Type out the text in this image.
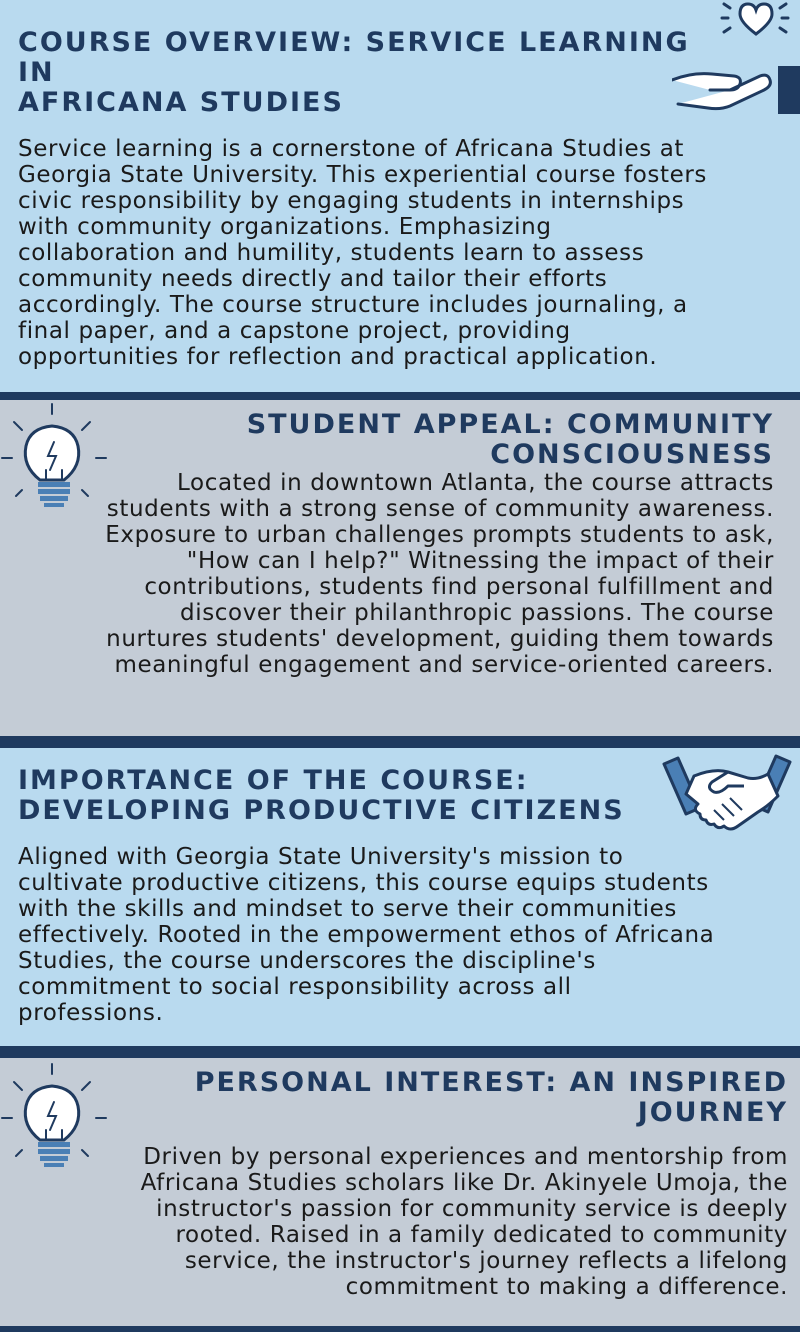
COURSE OVERVIEW: SERVICE LEARNING IN
AFRICANA STUDIES

Service learning is a cornerstone of Africana Studies at Georgia State University. This experiential course fosters civic responsibility by engaging students in internships with community organizations. Emphasizing collaboration and humility, students learn to assess community needs directly and tailor their efforts accordingly. The course structure includes journaling, a final paper, and a capstone project, providing opportunities for reflection and practical application.

STUDENT APPEAL: COMMUNITY
CONSCIOUSNESS

Located in downtown Atlanta, the course attracts students with a strong sense of community awareness. Exposure to urban challenges prompts students to ask, "How can I help?" Witnessing the impact of their contributions, students find personal fulfillment and discover their philanthropic passions. The course nurtures students' development, guiding them towards meaningful engagement and service-oriented careers.

IMPORTANCE OF THE COURSE:
DEVELOPING PRODUCTIVE CITIZENS

Aligned with Georgia State University's mission to cultivate productive citizens, this course equips students with the skills and mindset to serve their communities effectively. Rooted in the empowerment ethos of Africana Studies, the course underscores the discipline's commitment to social responsibility across all professions.

PERSONAL INTEREST: AN INSPIRED
JOURNEY

Driven by personal experiences and mentorship from Africana Studies scholars like Dr. Akinyele Umoja, the instructor's passion for community service is deeply rooted. Raised in a family dedicated to community service, the instructor's journey reflects a lifelong commitment to making a difference.
